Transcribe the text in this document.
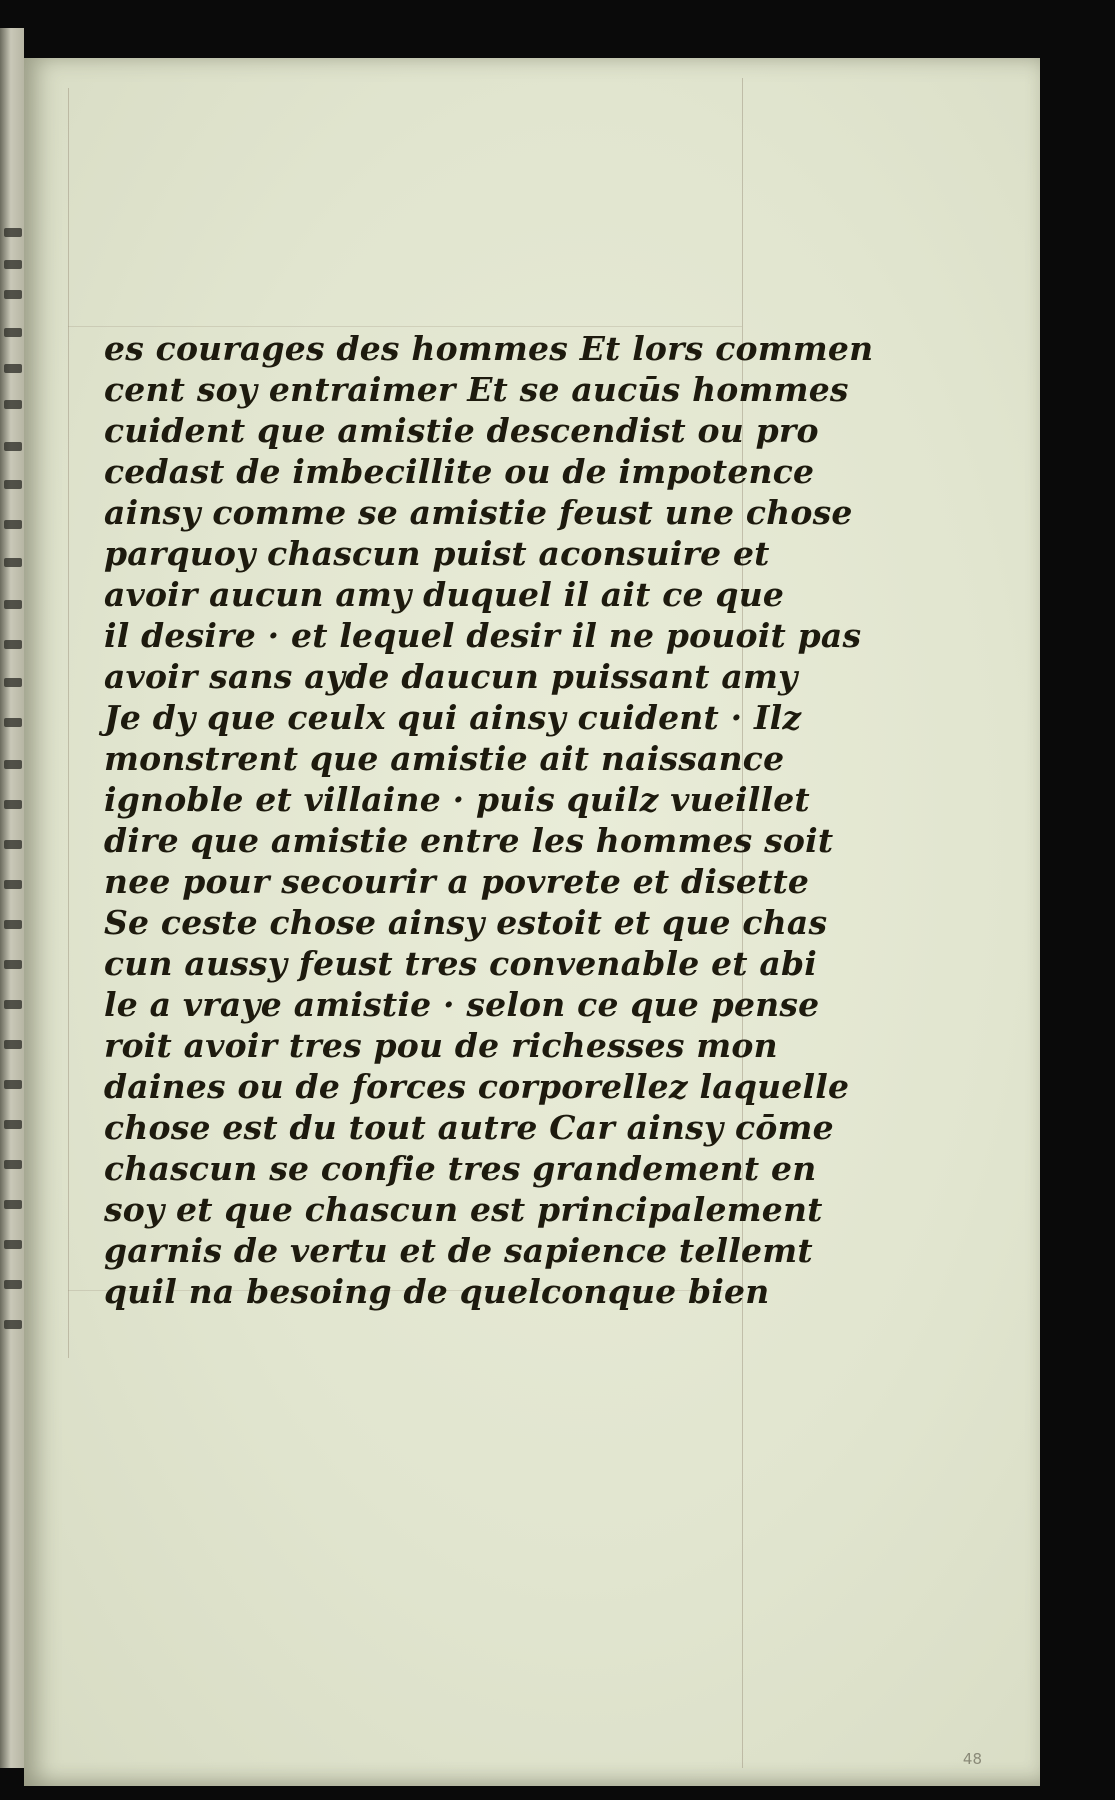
es courages des hommes Et lors commen
cent soy entraimer Et se aucūs hommes
cuident que amistie descendist ou pro
cedast de imbecillite ou de impotence
ainsy comme se amistie feust une chose
parquoy chascun puist aconsuire et
avoir aucun amy duquel il ait ce que
il desire · et lequel desir il ne pouoit pas
avoir sans ayde daucun puissant amy
Je dy que ceulx qui ainsy cuident · Ilz
monstrent que amistie ait naissance
ignoble et villaine · puis quilz vueillet
dire que amistie entre les hommes soit
nee pour secourir a povrete et disette
Se ceste chose ainsy estoit et que chas
cun aussy feust tres convenable et abi
le a vraye amistie · selon ce que pense
roit avoir tres pou de richesses mon
daines ou de forces corporellez laquelle
chose est du tout autre Car ainsy cōme
chascun se confie tres grandement en
soy et que chascun est principalement
garnis de vertu et de sapience tellemt
quil na besoing de quelconque bien
48
